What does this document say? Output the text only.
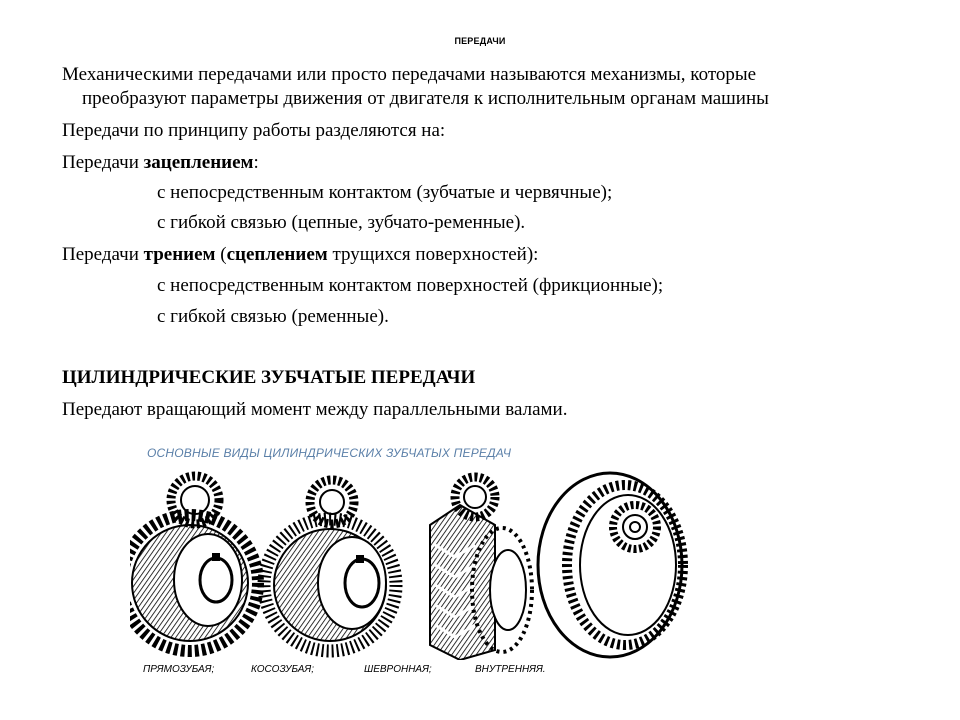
ПЕРЕДАЧИ
Механическими передачами или просто передачами называются механизмы, которые
преобразуют параметры движения от двигателя к исполнительным органам машины
Передачи по принципу работы разделяются на:
Передачи зацеплением:
с непосредственным контактом (зубчатые и червячные);
с гибкой связью (цепные, зубчато-ременные).
Передачи трением (сцеплением трущихся поверхностей):
с непосредственным контактом поверхностей (фрикционные);
с гибкой связью (ременные).
ЦИЛИНДРИЧЕСКИЕ ЗУБЧАТЫЕ ПЕРЕДАЧИ
Передают вращающий момент между параллельными валами.
ОСНОВНЫЕ ВИДЫ ЦИЛИНДРИЧЕСКИХ ЗУБЧАТЫХ ПЕРЕДАЧ
ПРЯМОЗУБАЯ;	КОСОЗУБАЯ;	ШЕВРОННАЯ;	ВНУТРЕННЯЯ.
